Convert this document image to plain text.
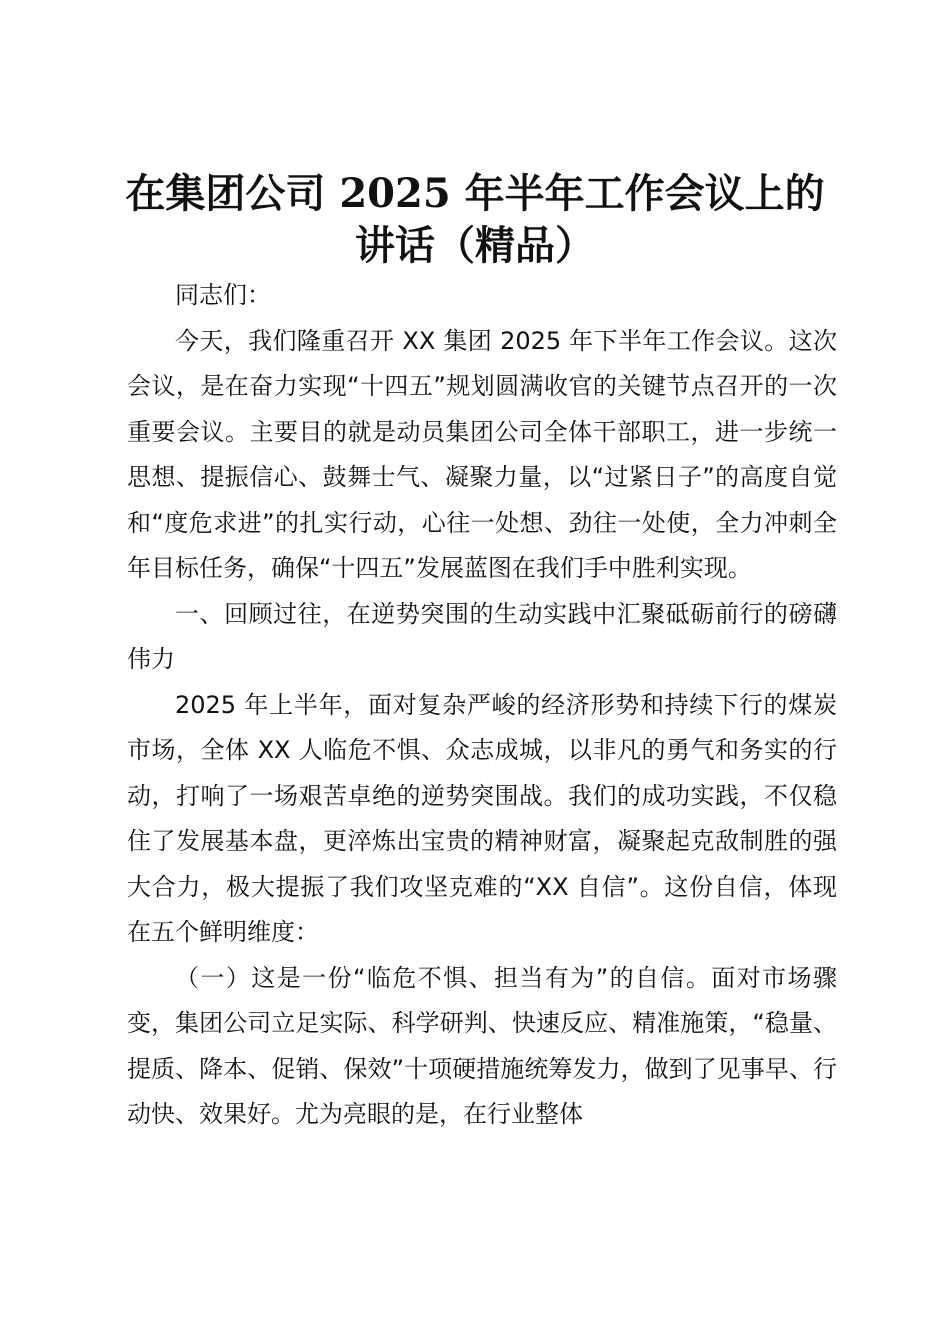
在集团公司 2025 年半年工作会议上的
讲话（精品）

同志们：

今天，我们隆重召开 XX 集团 2025 年下半年工作会议。这次会议，是在奋力实现“十四五”规划圆满收官的关键节点召开的一次重要会议。主要目的就是动员集团公司全体干部职工，进一步统一思想、提振信心、鼓舞士气、凝聚力量，以“过紧日子”的高度自觉和“度危求进”的扎实行动，心往一处想、劲往一处使，全力冲刺全年目标任务，确保“十四五”发展蓝图在我们手中胜利实现。

一、回顾过往，在逆势突围的生动实践中汇聚砥砺前行的磅礴伟力

2025 年上半年，面对复杂严峻的经济形势和持续下行的煤炭市场，全体 XX 人临危不惧、众志成城，以非凡的勇气和务实的行动，打响了一场艰苦卓绝的逆势突围战。我们的成功实践，不仅稳住了发展基本盘，更淬炼出宝贵的精神财富，凝聚起克敌制胜的强大合力，极大提振了我们攻坚克难的“XX 自信”。这份自信，体现在五个鲜明维度：

（一）这是一份“临危不惧、担当有为”的自信。面对市场骤变，集团公司立足实际、科学研判、快速反应、精准施策，“稳量、提质、降本、促销、保效”十项硬措施统筹发力，做到了见事早、行动快、效果好。尤为亮眼的是，在行业整体
